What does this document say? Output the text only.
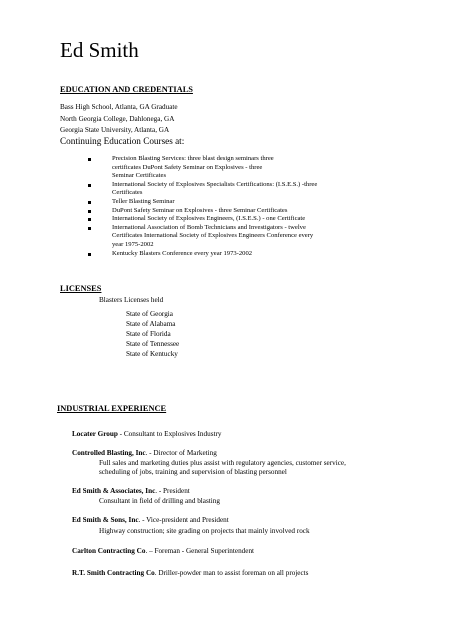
Ed Smith
EDUCATION AND CREDENTIALS
Bass High School, Atlanta, GA Graduate
North Georgia College, Dahlonega, GA
Georgia State University, Atlanta, GA
Continuing Education Courses at:
Precision Blasting Services: three blast design seminars three
certificates DuPont Safety Seminar on Explosives - three
Seminar Certificates
International Society of Explosives Specialists Certifications: (I.S.E.S.) -three
Certificates
Teller Blasting Seminar
DuPont Safety Seminar on Explosives - three Seminar Certificates
International Society of Explosives Engineers, (I.S.E.S.) - one Certificate
International Association of Bomb Technicians and Investigators - twelve
Certificates International Society of Explosives Engineers Conference every
year 1975-2002
Kentucky Blasters Conference every year 1973-2002
LICENSES
Blasters Licenses held
State of Georgia
State of Alabama
State of Florida
State of Tennessee
State of Kentucky
INDUSTRIAL EXPERIENCE
Locater Group - Consultant to Explosives Industry
Controlled Blasting, Inc. - Director of Marketing
Full sales and marketing duties plus assist with regulatory agencies, customer service,
scheduling of jobs, training and supervision of blasting personnel
Ed Smith & Associates, Inc. - President
Consultant in field of drilling and blasting
Ed Smith & Sons, Inc. - Vice-president and President
Highway construction; site grading on projects that mainly involved rock
Carlton Contracting Co. – Foreman - General Superintendent
R.T. Smith Contracting Co. Driller-powder man to assist foreman on all projects
